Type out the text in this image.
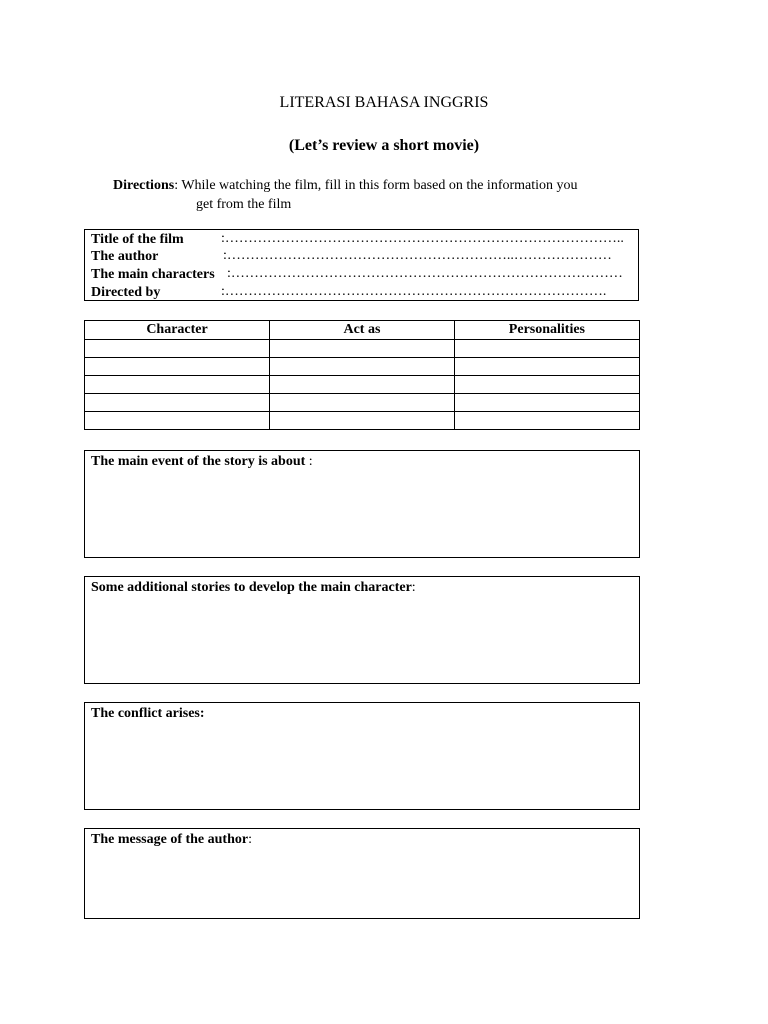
LITERASI BAHASA INGGRIS
(Let’s review a short movie)
Directions: While watching the film, fill in this form based on the information you
get from the film
Title of the film	:…………………………………………………………………………..
The author	:……………………………………………………..…………………
The main characters :…………………………………………………………………………
Directed by	:……………………………………………………………………….
Character	Act as	Personalities

The main event of the story is about :
Some additional stories to develop the main character:
The conflict arises:
The message of the author:
